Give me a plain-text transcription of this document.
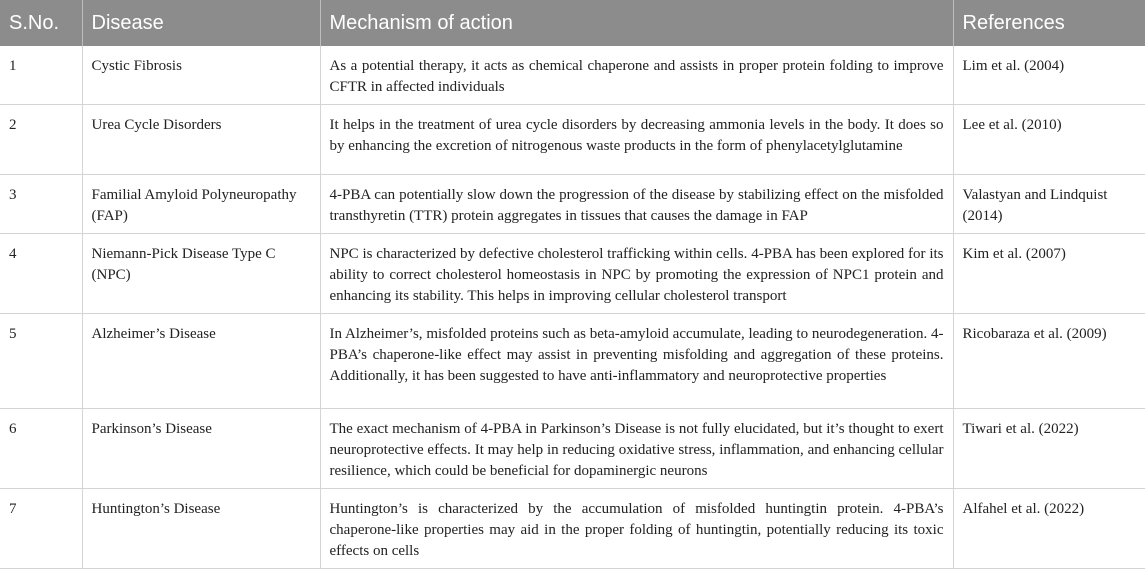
S.No.	Disease	Mechanism of action	References
1	Cystic Fibrosis	As a potential therapy, it acts as chemical chaperone and assists in proper protein folding to improve CFTR in affected individuals	Lim et al. (2004)
2	Urea Cycle Disorders	It helps in the treatment of urea cycle disorders by decreasing ammonia levels in the body. It does so by enhancing the excretion of nitrogenous waste products in the form of phenylacetylglutamine	Lee et al. (2010)
3	Familial Amyloid Polyneuropathy (FAP)	4-PBA can potentially slow down the progression of the disease by stabilizing effect on the misfolded transthyretin (TTR) protein aggregates in tissues that causes the damage in FAP	Valastyan and Lindquist (2014)
4	Niemann-Pick Disease Type C (NPC)	NPC is characterized by defective cholesterol trafficking within cells. 4-PBA has been explored for its ability to correct cholesterol homeostasis in NPC by promoting the expression of NPC1 protein and enhancing its stability. This helps in improving cellular cholesterol transport	Kim et al. (2007)
5	Alzheimer’s Disease	In Alzheimer’s, misfolded proteins such as beta-amyloid accumulate, leading to neurodegeneration. 4-PBA’s chaperone-like effect may assist in preventing misfolding and aggregation of these proteins. Additionally, it has been suggested to have anti-inflammatory and neuroprotective properties	Ricobaraza et al. (2009)
6	Parkinson’s Disease	The exact mechanism of 4-PBA in Parkinson’s Disease is not fully elucidated, but it’s thought to exert neuroprotective effects. It may help in reducing oxidative stress, inflammation, and enhancing cellular resilience, which could be beneficial for dopaminergic neurons	Tiwari et al. (2022)
7	Huntington’s Disease	Huntington’s is characterized by the accumulation of misfolded huntingtin protein. 4-PBA’s chaperone-like properties may aid in the proper folding of huntingtin, potentially reducing its toxic effects on cells	Alfahel et al. (2022)
